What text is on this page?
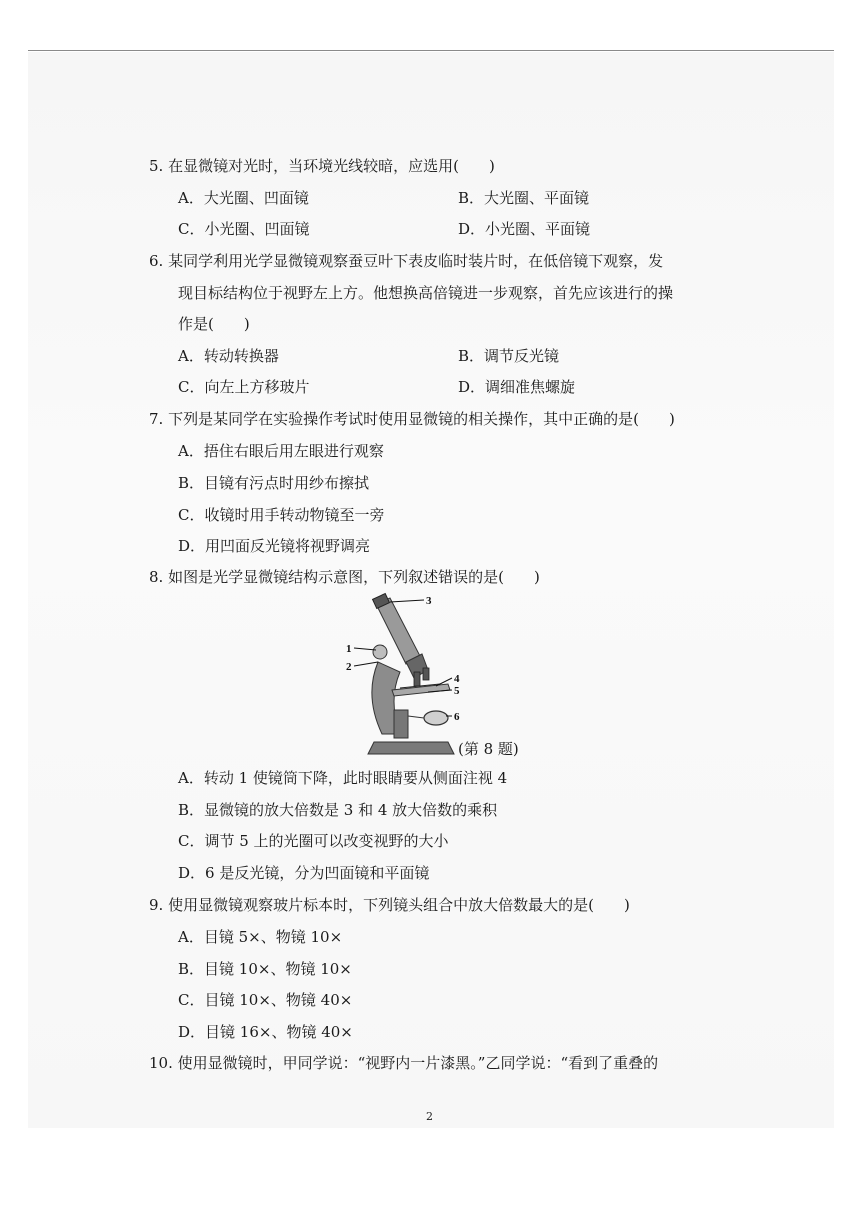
5. 在显微镜对光时，当环境光线较暗，应选用(　　)
A．大光圈、凹面镜	B．大光圈、平面镜
C．小光圈、凹面镜	D．小光圈、平面镜
6. 某同学利用光学显微镜观察蚕豆叶下表皮临时装片时，在低倍镜下观察，发
现目标结构位于视野左上方。他想换高倍镜进一步观察，首先应该进行的操
作是(　　)
A．转动转换器	B．调节反光镜
C．向左上方移玻片	D．调细准焦螺旋
7. 下列是某同学在实验操作考试时使用显微镜的相关操作，其中正确的是(　　)
A．捂住右眼后用左眼进行观察
B．目镜有污点时用纱布擦拭
C．收镜时用手转动物镜至一旁
D．用凹面反光镜将视野调亮
8. 如图是光学显微镜结构示意图，下列叙述错误的是(　　)
3
1
2
4
5
6
(第 8 题)
A．转动 1 使镜筒下降，此时眼睛要从侧面注视 4
B．显微镜的放大倍数是 3 和 4 放大倍数的乘积
C．调节 5 上的光圈可以改变视野的大小
D．6 是反光镜，分为凹面镜和平面镜
9. 使用显微镜观察玻片标本时，下列镜头组合中放大倍数最大的是(　　)
A．目镜 5×、物镜 10×
B．目镜 10×、物镜 10×
C．目镜 10×、物镜 40×
D．目镜 16×、物镜 40×
10. 使用显微镜时，甲同学说：“视野内一片漆黑。”乙同学说：“看到了重叠的
2
